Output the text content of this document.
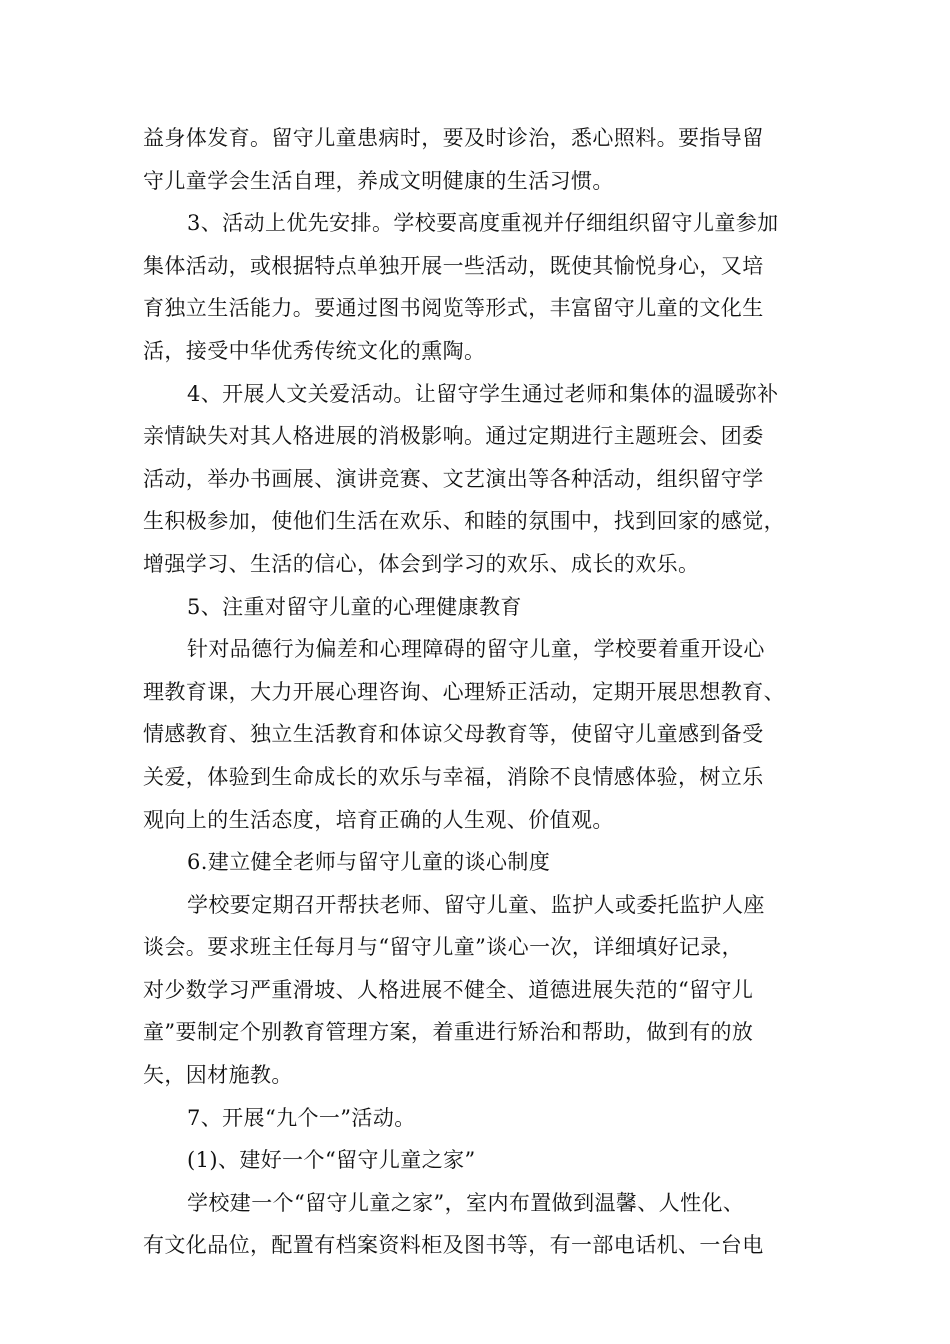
益身体发育。留守儿童患病时，要及时诊治，悉心照料。要指导留
守儿童学会生活自理，养成文明健康的生活习惯。
3、活动上优先安排。学校要高度重视并仔细组织留守儿童参加
集体活动，或根据特点单独开展一些活动，既使其愉悦身心，又培
育独立生活能力。要通过图书阅览等形式，丰富留守儿童的文化生
活，接受中华优秀传统文化的熏陶。
4、开展人文关爱活动。让留守学生通过老师和集体的温暖弥补
亲情缺失对其人格进展的消极影响。通过定期进行主题班会、团委
活动，举办书画展、演讲竞赛、文艺演出等各种活动，组织留守学
生积极参加，使他们生活在欢乐、和睦的氛围中，找到回家的感觉，
增强学习、生活的信心，体会到学习的欢乐、成长的欢乐。
5、注重对留守儿童的心理健康教育
针对品德行为偏差和心理障碍的留守儿童，学校要着重开设心
理教育课，大力开展心理咨询、心理矫正活动，定期开展思想教育、
情感教育、独立生活教育和体谅父母教育等，使留守儿童感到备受
关爱，体验到生命成长的欢乐与幸福，消除不良情感体验，树立乐
观向上的生活态度，培育正确的人生观、价值观。
6.建立健全老师与留守儿童的谈心制度
学校要定期召开帮扶老师、留守儿童、监护人或委托监护人座
谈会。要求班主任每月与“留守儿童”谈心一次，详细填好记录，
对少数学习严重滑坡、人格进展不健全、道德进展失范的“留守儿
童”要制定个别教育管理方案，着重进行矫治和帮助，做到有的放
矢，因材施教。
7、开展“九个一”活动。
(1)、建好一个“留守儿童之家”
学校建一个“留守儿童之家”，室内布置做到温馨、人性化、
有文化品位，配置有档案资料柜及图书等，有一部电话机、一台电
